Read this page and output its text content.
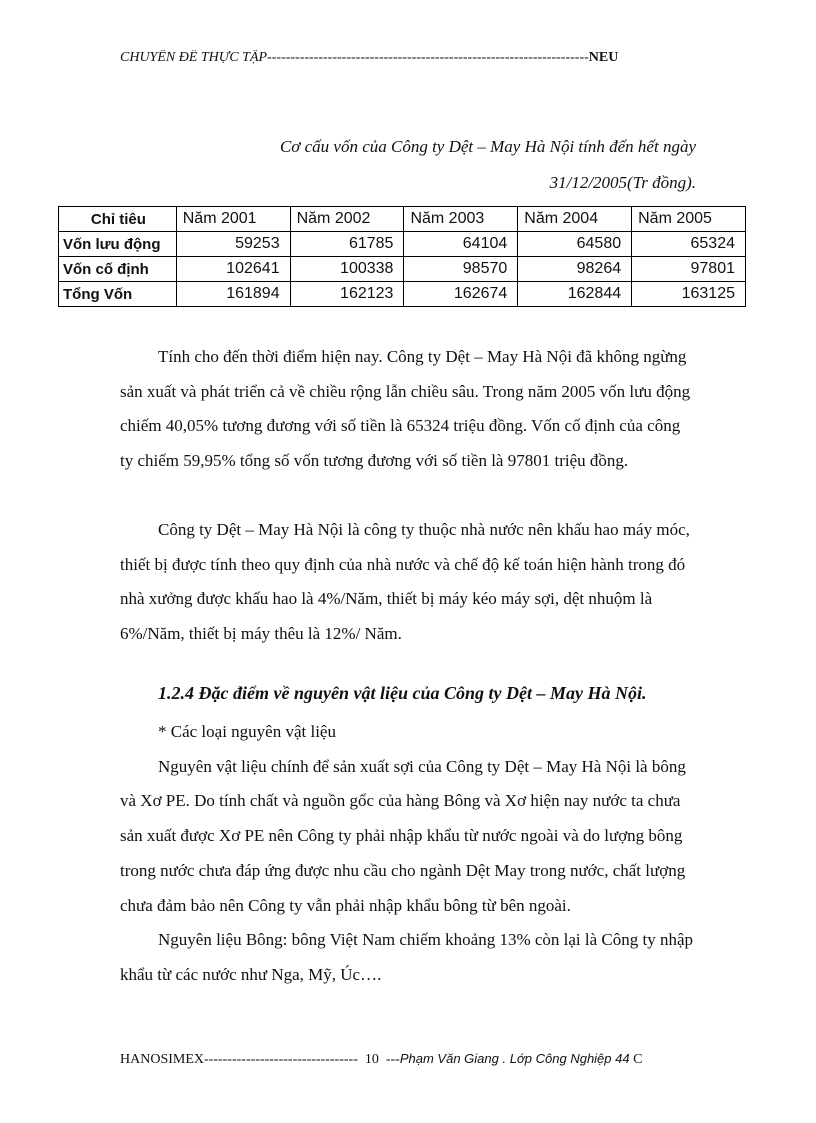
CHUYÊN ĐỀ THỰC TẬP---------------------------------------------------------------------NEU
Cơ cấu vốn của Công ty Dệt – May Hà Nội tính đến hết ngày
31/12/2005(Tr đồng).
Chỉ tiêu	Năm 2001	Năm 2002	Năm 2003	Năm 2004	Năm 2005
Vốn lưu động	59253	61785	64104	64580	65324
Vốn cố định	102641	100338	98570	98264	97801
Tổng Vốn	161894	162123	162674	162844	163125

Tính cho đến thời điểm hiện nay. Công ty Dệt – May Hà Nội đã không ngừng sản xuất và phát triển cả về chiều rộng lẫn chiều sâu. Trong năm 2005 vốn lưu động chiếm 40,05% tương đương với số tiền là 65324 triệu đồng. Vốn cố định của công ty chiếm 59,95% tổng số vốn tương đương với số tiền là 97801 triệu đồng.

Công ty Dệt – May Hà Nội là công ty thuộc nhà nước nên khấu hao máy móc, thiết bị được tính theo quy định của nhà nước và chế độ kế toán hiện hành trong đó nhà xưởng được khấu hao là 4%/Năm, thiết bị máy kéo máy sợi, dệt nhuộm là 6%/Năm, thiết bị máy thêu là 12%/ Năm.

1.2.4 Đặc điểm về nguyên vật liệu của Công ty Dệt – May Hà Nội.

* Các loại nguyên vật liệu

Nguyên vật liệu chính để sản xuất sợi của Công ty Dệt – May Hà Nội là bông và Xơ PE. Do tính chất và nguồn gốc của hàng Bông và Xơ hiện nay nước ta chưa sản xuất được Xơ PE nên Công ty phải nhập khẩu từ nước ngoài và do lượng bông trong nước chưa đáp ứng được nhu cầu cho ngành Dệt May trong nước, chất lượng chưa đảm bảo nên Công ty vẫn phải nhập khẩu bông từ bên ngoài.

Nguyên liệu Bông: bông Việt Nam chiếm khoảng 13% còn lại là Công ty nhập khẩu từ các nước như Nga, Mỹ, Úc….

HANOSIMEX--------------------------------- 10 ---Phạm Văn Giang . Lớp Công Nghiệp 44 C
